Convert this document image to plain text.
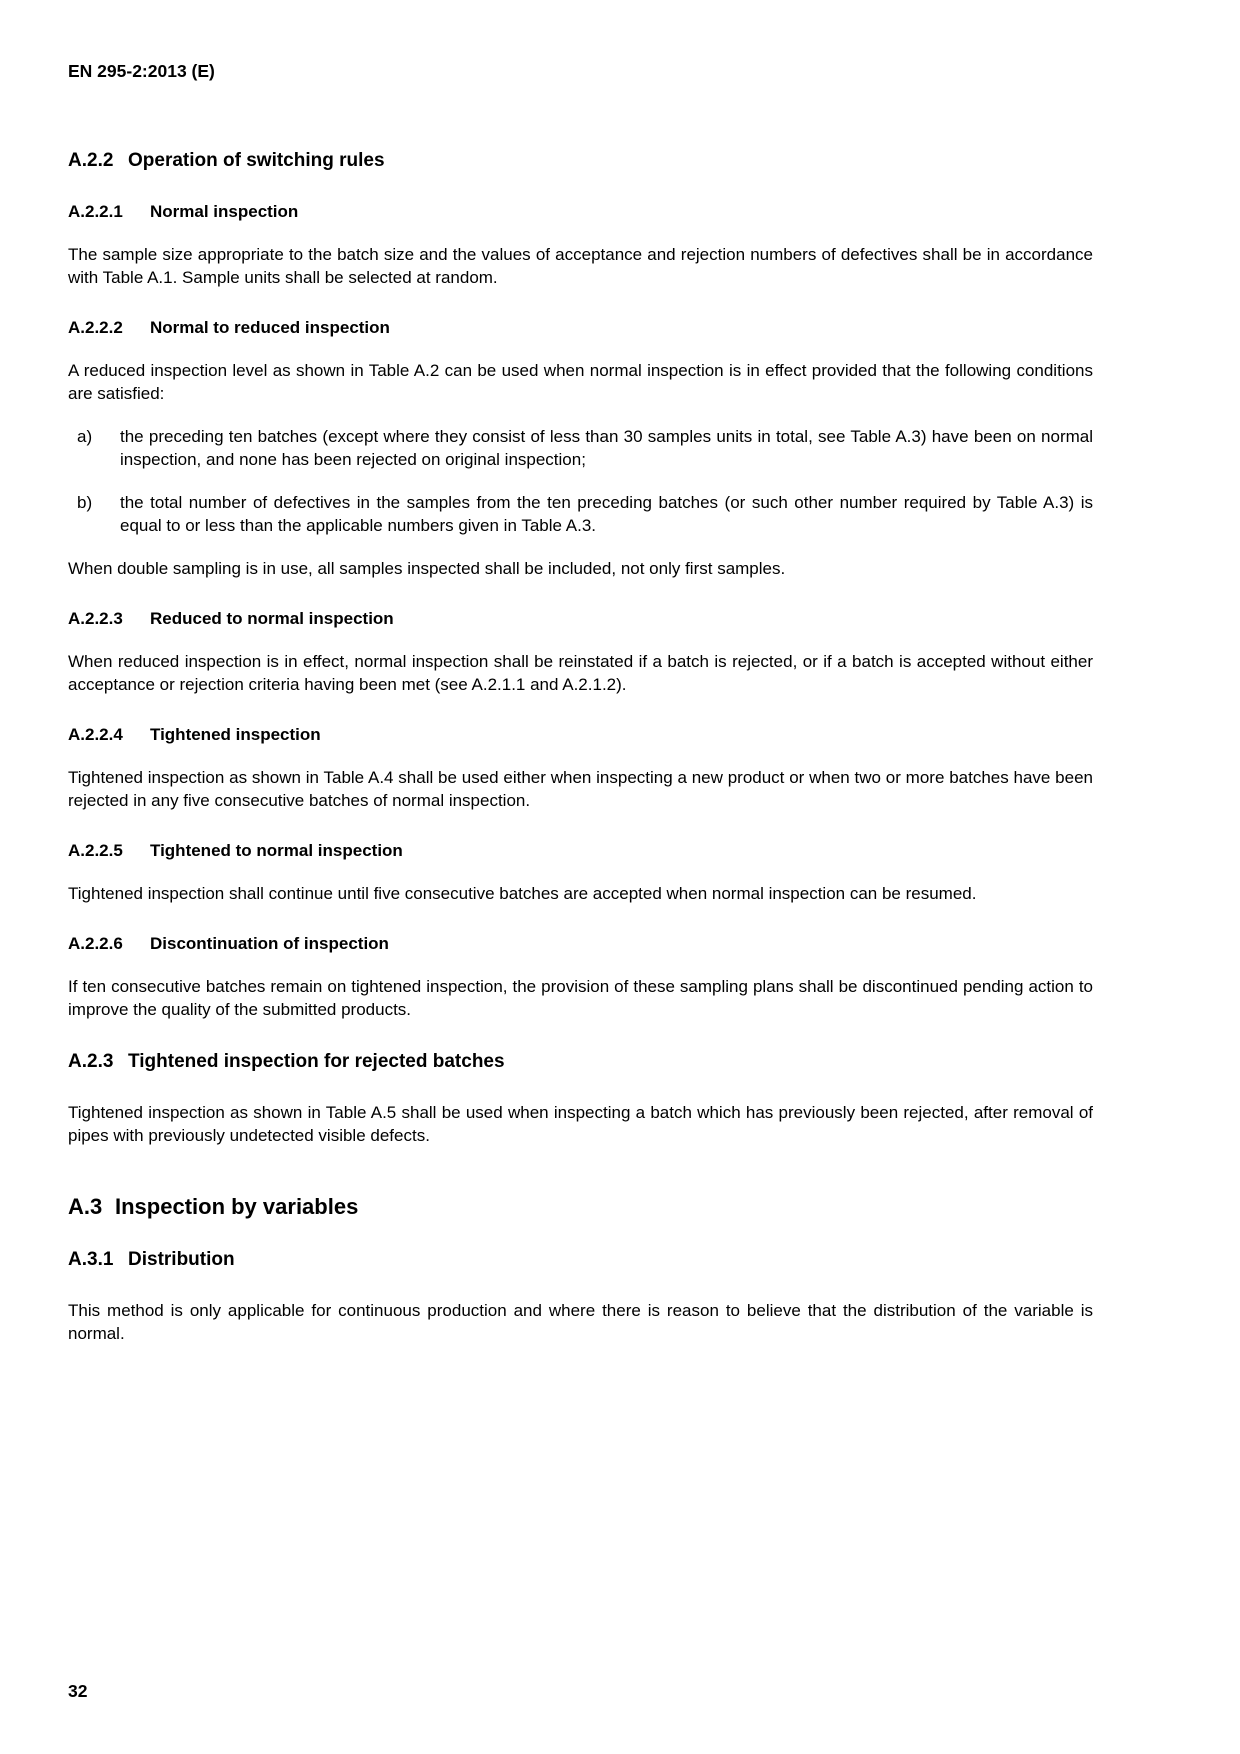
EN 295-2:2013 (E)
A.2.2 Operation of switching rules
A.2.2.1 Normal inspection

The sample size appropriate to the batch size and the values of acceptance and rejection numbers of defectives shall be in accordance with Table A.1. Sample units shall be selected at random.

A.2.2.2 Normal to reduced inspection

A reduced inspection level as shown in Table A.2 can be used when normal inspection is in effect provided that the following conditions are satisfied:

a)	the preceding ten batches (except where they consist of less than 30 samples units in total, see Table A.3) have been on normal inspection, and none has been rejected on original inspection;
b)	the total number of defectives in the samples from the ten preceding batches (or such other number required by Table A.3) is equal to or less than the applicable numbers given in Table A.3.

When double sampling is in use, all samples inspected shall be included, not only first samples.

A.2.2.3 Reduced to normal inspection

When reduced inspection is in effect, normal inspection shall be reinstated if a batch is rejected, or if a batch is accepted without either acceptance or rejection criteria having been met (see A.2.1.1 and A.2.1.2).

A.2.2.4 Tightened inspection

Tightened inspection as shown in Table A.4 shall be used either when inspecting a new product or when two or more batches have been rejected in any five consecutive batches of normal inspection.

A.2.2.5 Tightened to normal inspection

Tightened inspection shall continue until five consecutive batches are accepted when normal inspection can be resumed.

A.2.2.6 Discontinuation of inspection

If ten consecutive batches remain on tightened inspection, the provision of these sampling plans shall be discontinued pending action to improve the quality of the submitted products.

A.2.3 Tightened inspection for rejected batches

Tightened inspection as shown in Table A.5 shall be used when inspecting a batch which has previously been rejected, after removal of pipes with previously undetected visible defects.

A.3 Inspection by variables
A.3.1 Distribution

This method is only applicable for continuous production and where there is reason to believe that the distribution of the variable is normal.

32
